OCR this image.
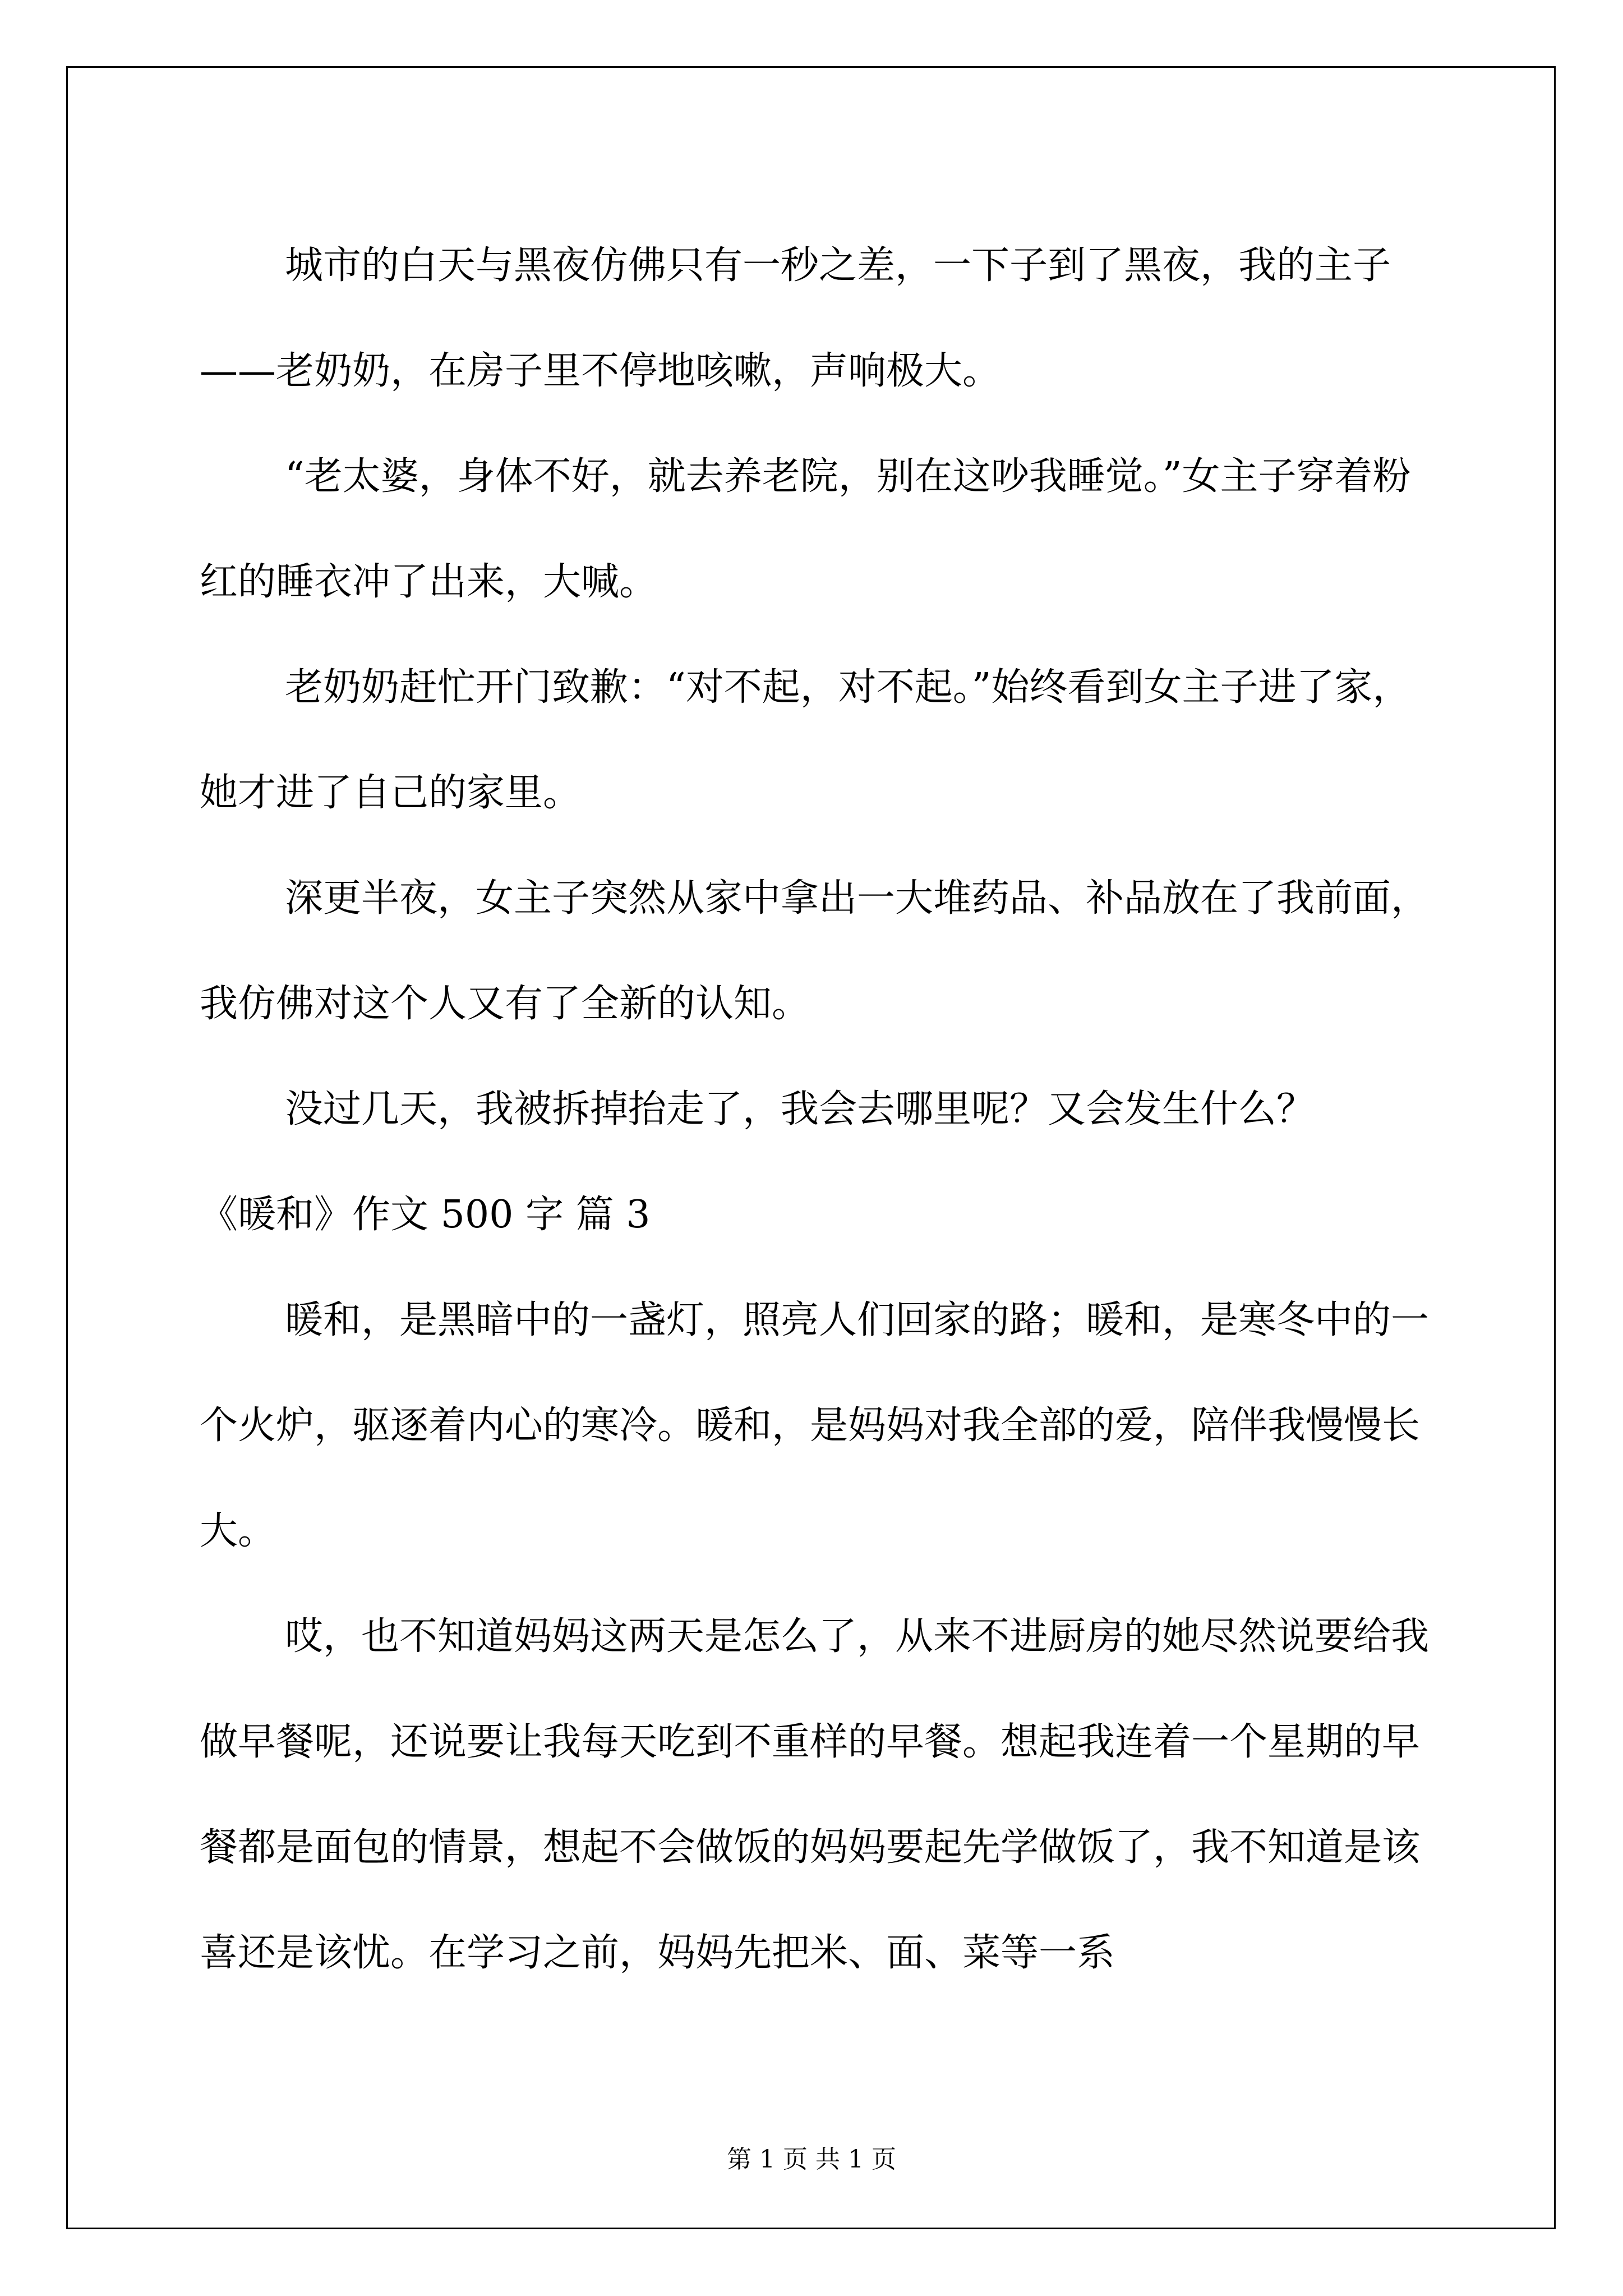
城市的白天与黑夜仿佛只有一秒之差，一下子到了黑夜，我的主子——老奶奶，在房子里不停地咳嗽，声响极大。

“老太婆，身体不好，就去养老院，别在这吵我睡觉。”女主子穿着粉红的睡衣冲了出来，大喊。

老奶奶赶忙开门致歉：“对不起，对不起。”始终看到女主子进了家，她才进了自己的家里。

深更半夜，女主子突然从家中拿出一大堆药品、补品放在了我前面，我仿佛对这个人又有了全新的认知。

没过几天，我被拆掉抬走了，我会去哪里呢？又会发生什么？

《暖和》作文 500 字 篇 3

暖和，是黑暗中的一盏灯，照亮人们回家的路；暖和，是寒冬中的一个火炉，驱逐着内心的寒冷。暖和，是妈妈对我全部的爱，陪伴我慢慢长大。

哎，也不知道妈妈这两天是怎么了，从来不进厨房的她尽然说要给我做早餐呢，还说要让我每天吃到不重样的早餐。想起我连着一个星期的早餐都是面包的情景，想起不会做饭的妈妈要起先学做饭了，我不知道是该喜还是该忧。在学习之前，妈妈先把米、面、菜等一系

第 1 页 共 1 页
